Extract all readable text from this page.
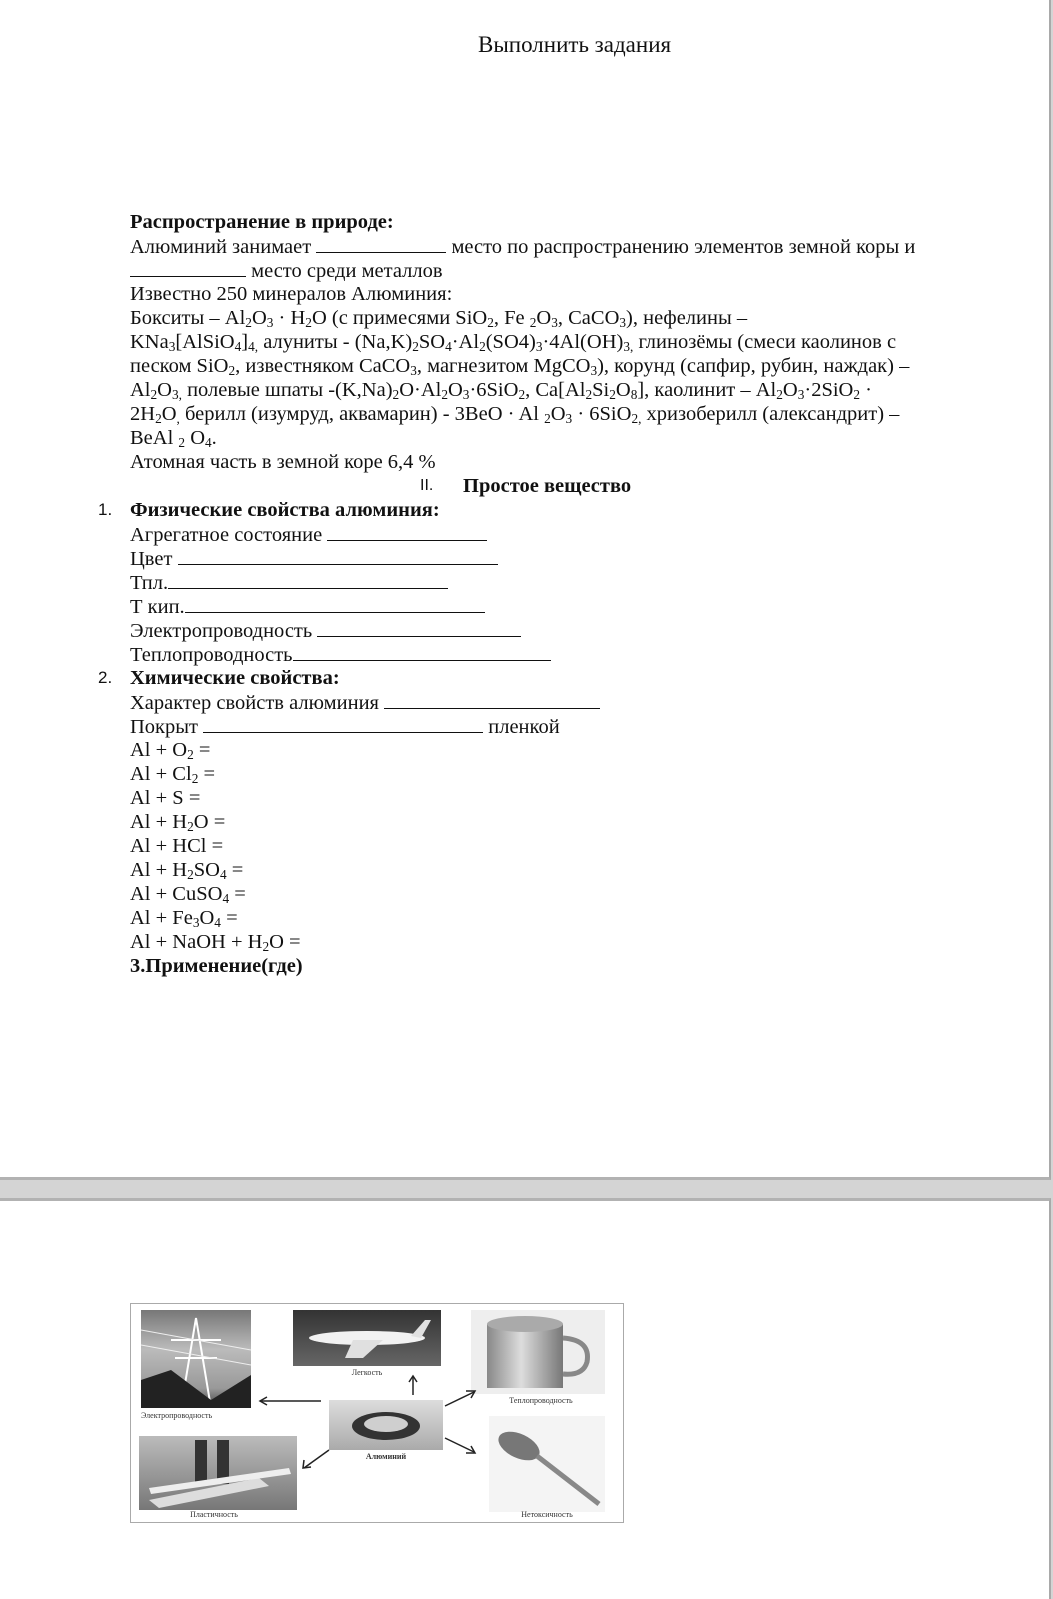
Выполнить задания
Распространение в природе:
Алюминий занимает	место по распространению элементов земной коры и
место среди металлов
Известно 250 минералов Алюминия:
Бокситы – $Al_2O_3 \cdot H_2O$ (с примесями SiO$_2$, Fe $_2O_3$, CaCO$_3$), нефелины –
$KNa_3[AlSiO_4]_{4,}$ алуниты - $(Na,K)_2SO_4\cdot Al_2(SO4)_3\cdot 4Al(OH)_{3,}$ глинозёмы (смеси каолинов с
песком SiO$_2$, известняком CaCO$_3$, магнезитом MgCO$_3$), корунд (сапфир, рубин, наждак) –
$Al_2O_{3,}$ полевые шпаты $-(K,Na)_2O\cdot Al_2O_3\cdot 6SiO_2$, $Ca[Al_2Si_2O_8]$, каолинит – $Al_2O_3\cdot 2SiO_2$ ·
$2H_2O_,$ берилл (изумруд, аквамарин) - 3BeO · Al $_2O_3 \cdot 6SiO_{2,}$ хризоберилл (александрит) –
BeAl $_2$ $O_4$.
Атомная часть в земной коре 6,4 %
II. Простое вещество
1. Физические свойства алюминия:
Агрегатное состояние
Цвет
Тпл.
Т кип.
Электропроводность
Теплопроводность
2. Химические свойства:
Характер свойств алюминия
Покрыт	пленкой
$Al + O_2$ =
$Al + Cl_2$ =
Al + S =
$Al + H_2O$ =
Al + HCl =
$Al + H_2SO_4$ =
Al + CuSO$_4$ =
$Al + Fe_3O_4$ =
Al + NaOH + $H_2O$ =
3.Применение(где)
Электропроводность
Легкость
Теплопроводность
Алюминий
Пластичность	Нетоксичность
